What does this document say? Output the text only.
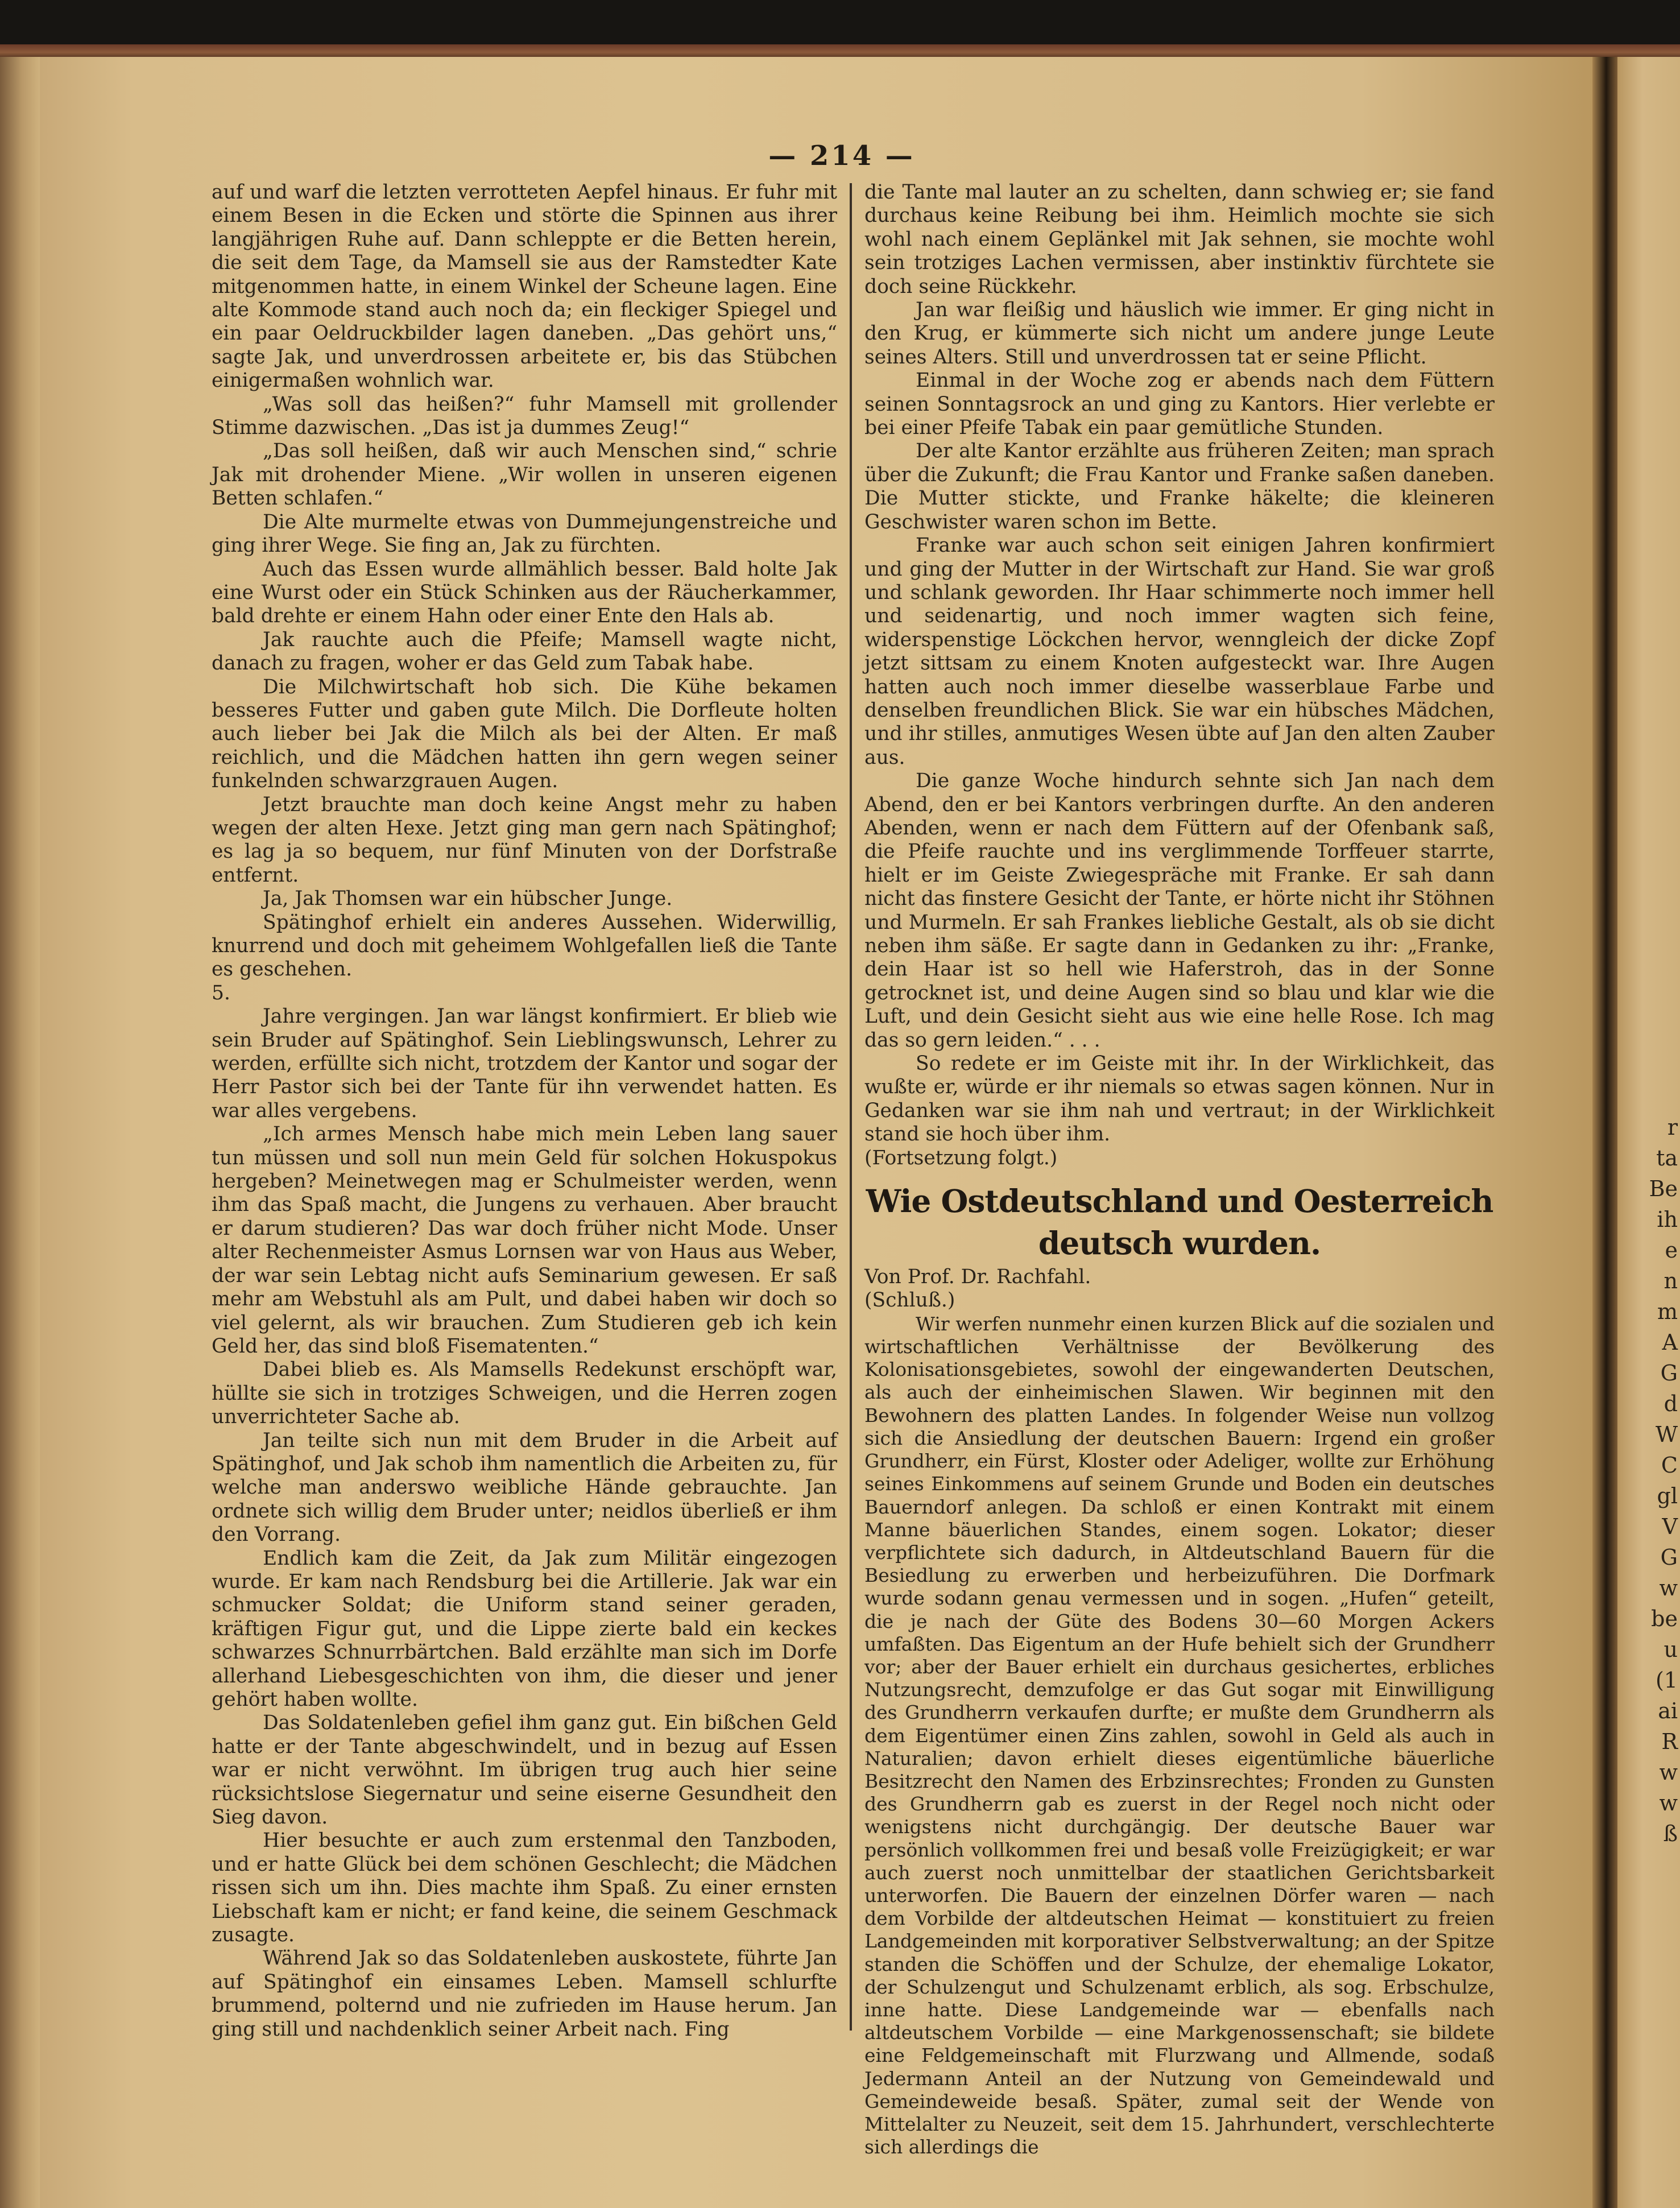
r
ta
Be
ih
e
n
m
A
G
d
W
C
gl
V
G
w
be
u
(1
ai
R
w
w
ß
— 214 —

auf und warf die letzten verrotteten Aepfel hinaus. Er fuhr mit einem Besen in die Ecken und störte die Spinnen aus ihrer langjährigen Ruhe auf. Dann schleppte er die Betten herein, die seit dem Tage, da Mamsell sie aus der Ramstedter Kate mitgenommen hatte, in einem Winkel der Scheune lagen. Eine alte Kommode stand auch noch da; ein fleckiger Spiegel und ein paar Oeldruckbilder lagen daneben. „Das gehört uns,“ sagte Jak, und unverdrossen arbeitete er, bis das Stübchen einigermaßen wohnlich war.

„Was soll das heißen?“ fuhr Mamsell mit grollender Stimme dazwischen. „Das ist ja dummes Zeug!“

„Das soll heißen, daß wir auch Menschen sind,“ schrie Jak mit drohender Miene. „Wir wollen in unseren eigenen Betten schlafen.“

Die Alte murmelte etwas von Dummejungenstreiche und ging ihrer Wege. Sie fing an, Jak zu fürchten.

Auch das Essen wurde allmählich besser. Bald holte Jak eine Wurst oder ein Stück Schinken aus der Räucherkammer, bald drehte er einem Hahn oder einer Ente den Hals ab.

Jak rauchte auch die Pfeife; Mamsell wagte nicht, danach zu fragen, woher er das Geld zum Tabak habe.

Die Milchwirtschaft hob sich. Die Kühe bekamen besseres Futter und gaben gute Milch. Die Dorfleute holten auch lieber bei Jak die Milch als bei der Alten. Er maß reichlich, und die Mädchen hatten ihn gern wegen seiner funkelnden schwarzgrauen Augen.

Jetzt brauchte man doch keine Angst mehr zu haben wegen der alten Hexe. Jetzt ging man gern nach Spätinghof; es lag ja so bequem, nur fünf Minuten von der Dorfstraße entfernt.

Ja, Jak Thomsen war ein hübscher Junge.

Spätinghof erhielt ein anderes Aussehen. Widerwillig, knurrend und doch mit geheimem Wohlgefallen ließ die Tante es geschehen.

5.

Jahre vergingen. Jan war längst konfirmiert. Er blieb wie sein Bruder auf Spätinghof. Sein Lieblingswunsch, Lehrer zu werden, erfüllte sich nicht, trotzdem der Kantor und sogar der Herr Pastor sich bei der Tante für ihn verwendet hatten. Es war alles vergebens.

„Ich armes Mensch habe mich mein Leben lang sauer tun müssen und soll nun mein Geld für solchen Hokuspokus hergeben? Meinetwegen mag er Schulmeister werden, wenn ihm das Spaß macht, die Jungens zu verhauen. Aber braucht er darum studieren? Das war doch früher nicht Mode. Unser alter Rechenmeister Asmus Lornsen war von Haus aus Weber, der war sein Lebtag nicht aufs Seminarium gewesen. Er saß mehr am Webstuhl als am Pult, und dabei haben wir doch so viel gelernt, als wir brauchen. Zum Studieren geb ich kein Geld her, das sind bloß Fisematenten.“

Dabei blieb es. Als Mamsells Redekunst erschöpft war, hüllte sie sich in trotziges Schweigen, und die Herren zogen unverrichteter Sache ab.

Jan teilte sich nun mit dem Bruder in die Arbeit auf Spätinghof, und Jak schob ihm namentlich die Arbeiten zu, für welche man anderswo weibliche Hände gebrauchte. Jan ordnete sich willig dem Bruder unter; neidlos überließ er ihm den Vorrang.

Endlich kam die Zeit, da Jak zum Militär eingezogen wurde. Er kam nach Rendsburg bei die Artillerie. Jak war ein schmucker Soldat; die Uniform stand seiner geraden, kräftigen Figur gut, und die Lippe zierte bald ein keckes schwarzes Schnurrbärtchen. Bald erzählte man sich im Dorfe allerhand Liebesgeschichten von ihm, die dieser und jener gehört haben wollte.

Das Soldatenleben gefiel ihm ganz gut. Ein bißchen Geld hatte er der Tante abgeschwindelt, und in bezug auf Essen war er nicht verwöhnt. Im übrigen trug auch hier seine rücksichtslose Siegernatur und seine eiserne Gesundheit den Sieg davon.

Hier besuchte er auch zum erstenmal den Tanzboden, und er hatte Glück bei dem schönen Geschlecht; die Mädchen rissen sich um ihn. Dies machte ihm Spaß. Zu einer ernsten Liebschaft kam er nicht; er fand keine, die seinem Geschmack zusagte.

Während Jak so das Soldatenleben auskostete, führte Jan auf Spätinghof ein einsames Leben. Mamsell schlurfte brummend, polternd und nie zufrieden im Hause herum. Jan ging still und nachdenklich seiner Arbeit nach. Fing

die Tante mal lauter an zu schelten, dann schwieg er; sie fand durchaus keine Reibung bei ihm. Heimlich mochte sie sich wohl nach einem Geplänkel mit Jak sehnen, sie mochte wohl sein trotziges Lachen vermissen, aber instinktiv fürchtete sie doch seine Rückkehr.

Jan war fleißig und häuslich wie immer. Er ging nicht in den Krug, er kümmerte sich nicht um andere junge Leute seines Alters. Still und unverdrossen tat er seine Pflicht.

Einmal in der Woche zog er abends nach dem Füttern seinen Sonntagsrock an und ging zu Kantors. Hier verlebte er bei einer Pfeife Tabak ein paar gemütliche Stunden.

Der alte Kantor erzählte aus früheren Zeiten; man sprach über die Zukunft; die Frau Kantor und Franke saßen daneben. Die Mutter stickte, und Franke häkelte; die kleineren Geschwister waren schon im Bette.

Franke war auch schon seit einigen Jahren konfirmiert und ging der Mutter in der Wirtschaft zur Hand. Sie war groß und schlank geworden. Ihr Haar schimmerte noch immer hell und seidenartig, und noch immer wagten sich feine, widerspenstige Löckchen hervor, wenngleich der dicke Zopf jetzt sittsam zu einem Knoten aufgesteckt war. Ihre Augen hatten auch noch immer dieselbe wasserblaue Farbe und denselben freundlichen Blick. Sie war ein hübsches Mädchen, und ihr stilles, anmutiges Wesen übte auf Jan den alten Zauber aus.

Die ganze Woche hindurch sehnte sich Jan nach dem Abend, den er bei Kantors verbringen durfte. An den anderen Abenden, wenn er nach dem Füttern auf der Ofenbank saß, die Pfeife rauchte und ins verglimmende Torffeuer starrte, hielt er im Geiste Zwiegespräche mit Franke. Er sah dann nicht das finstere Gesicht der Tante, er hörte nicht ihr Stöhnen und Murmeln. Er sah Frankes liebliche Gestalt, als ob sie dicht neben ihm säße. Er sagte dann in Gedanken zu ihr: „Franke, dein Haar ist so hell wie Haferstroh, das in der Sonne getrocknet ist, und deine Augen sind so blau und klar wie die Luft, und dein Gesicht sieht aus wie eine helle Rose. Ich mag das so gern leiden.“ . . .

So redete er im Geiste mit ihr. In der Wirklichkeit, das wußte er, würde er ihr niemals so etwas sagen können. Nur in Gedanken war sie ihm nah und vertraut; in der Wirklichkeit stand sie hoch über ihm.

(Fortsetzung folgt.)

Wie Ostdeutschland und Oesterreich deutsch wurden.

Von Prof. Dr. Rachfahl.

(Schluß.)

Wir werfen nunmehr einen kurzen Blick auf die sozialen und wirtschaftlichen Verhältnisse der Bevölkerung des Kolonisationsgebietes, sowohl der eingewanderten Deutschen, als auch der einheimischen Slawen. Wir beginnen mit den Bewohnern des platten Landes. In folgender Weise nun vollzog sich die Ansiedlung der deutschen Bauern: Irgend ein großer Grundherr, ein Fürst, Kloster oder Adeliger, wollte zur Erhöhung seines Einkommens auf seinem Grunde und Boden ein deutsches Bauerndorf anlegen. Da schloß er einen Kontrakt mit einem Manne bäuerlichen Standes, einem sogen. Lokator; dieser verpflichtete sich dadurch, in Altdeutschland Bauern für die Besiedlung zu erwerben und herbeizuführen. Die Dorfmark wurde sodann genau vermessen und in sogen. „Hufen“ geteilt, die je nach der Güte des Bodens 30—60 Morgen Ackers umfaßten. Das Eigentum an der Hufe behielt sich der Grundherr vor; aber der Bauer erhielt ein durchaus gesichertes, erbliches Nutzungsrecht, demzufolge er das Gut sogar mit Einwilligung des Grundherrn verkaufen durfte; er mußte dem Grundherrn als dem Eigentümer einen Zins zahlen, sowohl in Geld als auch in Naturalien; davon erhielt dieses eigentümliche bäuerliche Besitzrecht den Namen des Erbzinsrechtes; Fronden zu Gunsten des Grundherrn gab es zuerst in der Regel noch nicht oder wenigstens nicht durchgängig. Der deutsche Bauer war persönlich vollkommen frei und besaß volle Freizügigkeit; er war auch zuerst noch unmittelbar der staatlichen Gerichtsbarkeit unterworfen. Die Bauern der einzelnen Dörfer waren — nach dem Vorbilde der altdeutschen Heimat — konstituiert zu freien Landgemeinden mit korporativer Selbstverwaltung; an der Spitze standen die Schöffen und der Schulze, der ehemalige Lokator, der Schulzengut und Schulzenamt erblich, als sog. Erbschulze, inne hatte. Diese Landgemeinde war — ebenfalls nach altdeutschem Vorbilde — eine Markgenossenschaft; sie bildete eine Feldgemeinschaft mit Flurzwang und Allmende, sodaß Jedermann Anteil an der Nutzung von Gemeindewald und Gemeindeweide besaß. Später, zumal seit der Wende von Mittelalter zu Neuzeit, seit dem 15. Jahrhundert, verschlechterte sich allerdings die
